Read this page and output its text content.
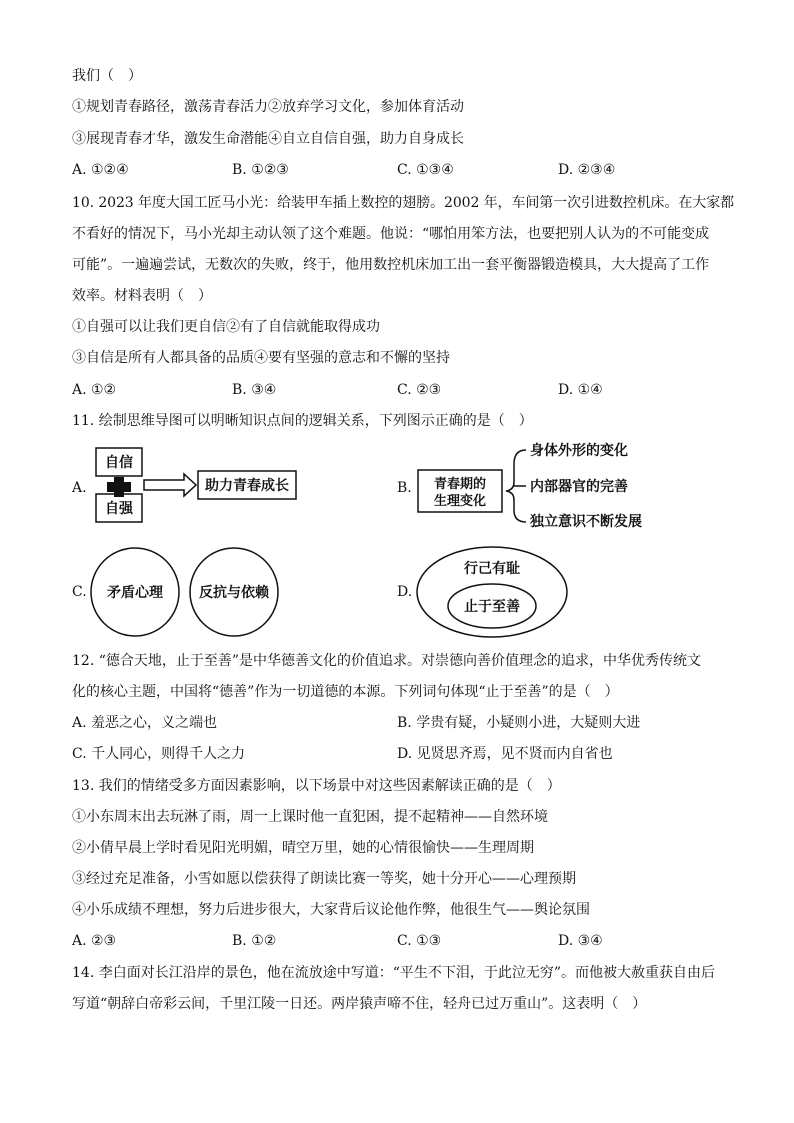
我们（　）
①规划青春路径，激荡青春活力②放弃学习文化，参加体育活动
③展现青春才华，激发生命潜能④自立自信自强，助力自身成长
A. ①②④	B. ①②③	C. ①③④	D. ②③④
10. 2023 年度大国工匠马小光：给装甲车插上数控的翅膀。2002 年，车间第一次引进数控机床。在大家都
不看好的情况下，马小光却主动认领了这个难题。他说：“哪怕用笨方法，也要把别人认为的不可能变成
可能”。一遍遍尝试，无数次的失败，终于，他用数控机床加工出一套平衡器锻造模具，大大提高了工作
效率。材料表明（　）
①自强可以让我们更自信②有了自信就能取得成功
③自信是所有人都具备的品质④要有坚强的意志和不懈的坚持
A. ①②	B. ③④	C. ②③	D. ①④
11. 绘制思维导图可以明晰知识点间的逻辑关系，下列图示正确的是（　）
A.
自信
自强
助力青春成长	B. 青春期的
生理变化
身体外形的变化
内部器官的完善
独立意识不断发展
C. 矛盾心理	反抗与依赖	D.
行己有耻
止于至善
12. “德合天地，止于至善”是中华德善文化的价值追求。对崇德向善价值理念的追求，中华优秀传统文
化的核心主题，中国将“德善”作为一切道德的本源。下列词句体现“止于至善”的是（　）
A. 羞恶之心，义之端也	B. 学贵有疑，小疑则小进，大疑则大进
C. 千人同心，则得千人之力	D. 见贤思齐焉，见不贤而内自省也
13. 我们的情绪受多方面因素影响，以下场景中对这些因素解读正确的是（　）
①小东周末出去玩淋了雨，周一上课时他一直犯困，提不起精神——自然环境
②小倩早晨上学时看见阳光明媚，晴空万里，她的心情很愉快——生理周期
③经过充足准备，小雪如愿以偿获得了朗读比赛一等奖，她十分开心——心理预期
④小乐成绩不理想，努力后进步很大，大家背后议论他作弊，他很生气——舆论氛围
A. ②③	B. ①②	C. ①③	D. ③④
14. 李白面对长江沿岸的景色，他在流放途中写道：“平生不下泪，于此泣无穷”。而他被大赦重获自由后
写道“朝辞白帝彩云间，千里江陵一日还。两岸猿声啼不住，轻舟已过万重山”。这表明（　）
